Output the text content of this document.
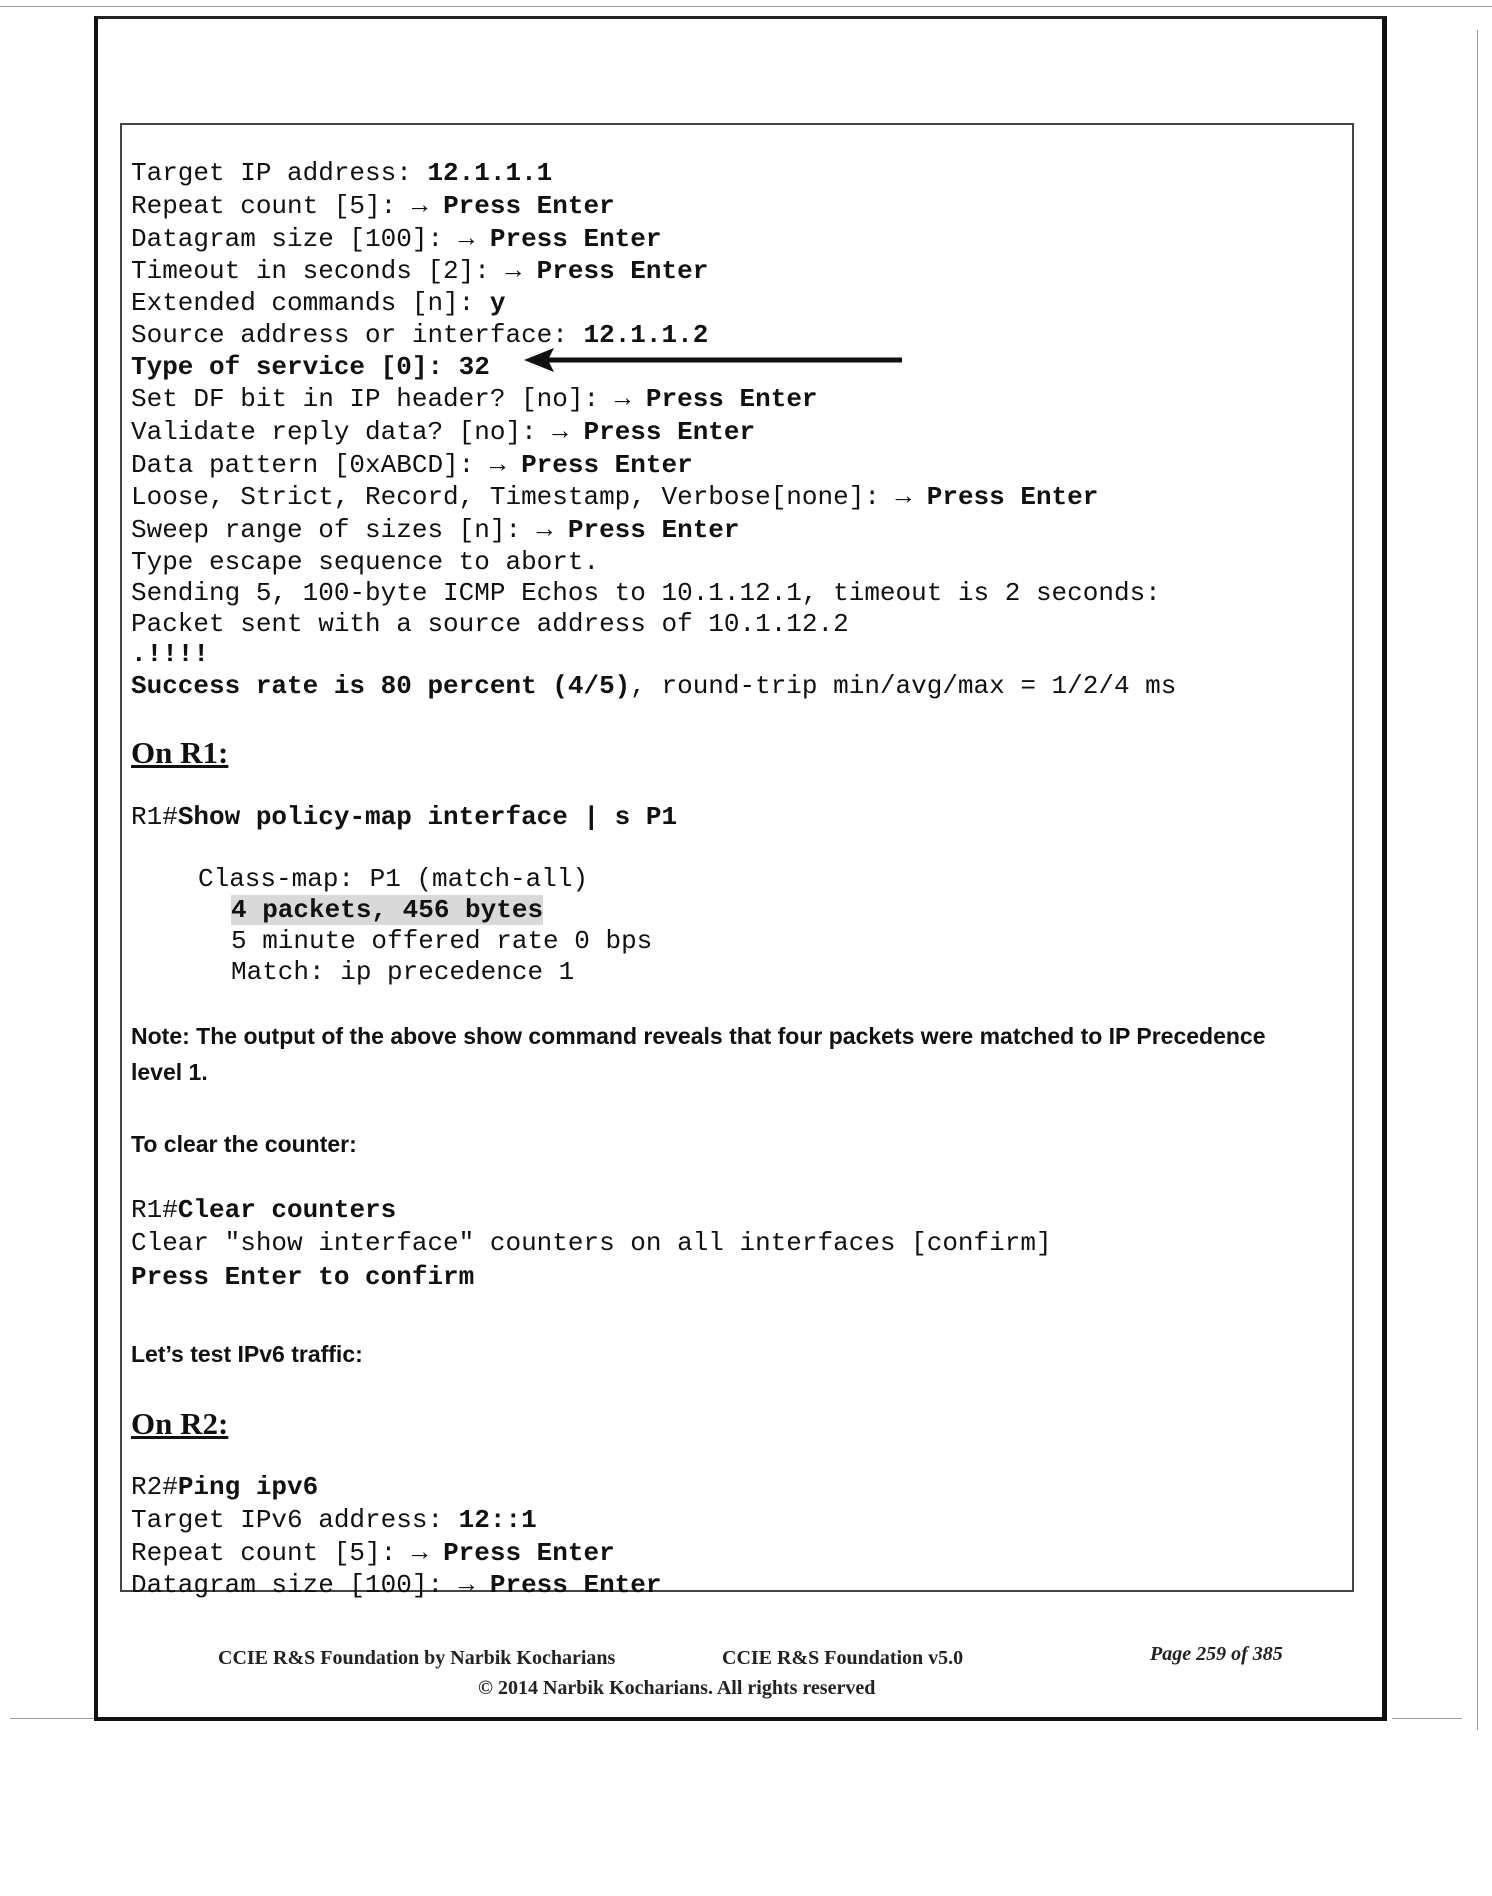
Target IP address: 12.1.1.1

Repeat count [5]: → Press Enter

Datagram size [100]: → Press Enter

Timeout in seconds [2]: → Press Enter

Extended commands [n]: y

Source address or interface: 12.1.1.2

Type of service [0]: 32

Set DF bit in IP header? [no]: → Press Enter

Validate reply data? [no]: → Press Enter

Data pattern [0xABCD]: → Press Enter

Loose, Strict, Record, Timestamp, Verbose[none]: → Press Enter

Sweep range of sizes [n]: → Press Enter

Type escape sequence to abort.

Sending 5, 100-byte ICMP Echos to 10.1.12.1, timeout is 2 seconds:

Packet sent with a source address of 10.1.12.2

.!!!!

Success rate is 80 percent (4/5), round-trip min/avg/max = 1/2/4 ms

On R1:

R1#Show policy-map interface | s P1

Class-map: P1 (match-all)

4 packets, 456 bytes

5 minute offered rate 0 bps

Match: ip precedence 1

Note: The output of the above show command reveals that four packets were matched to IP Precedence
level 1.
To clear the counter:

R1#Clear counters

Clear "show interface" counters on all interfaces [confirm]

Press Enter to confirm

Let’s test IPv6 traffic:
On R2:

R2#Ping ipv6

Target IPv6 address: 12::1

Repeat count [5]: → Press Enter

Datagram size [100]: → Press Enter

CCIE R&S Foundation by Narbik Kocharians	CCIE R&S Foundation v5.0	Page 259 of 385
© 2014 Narbik Kocharians. All rights reserved
